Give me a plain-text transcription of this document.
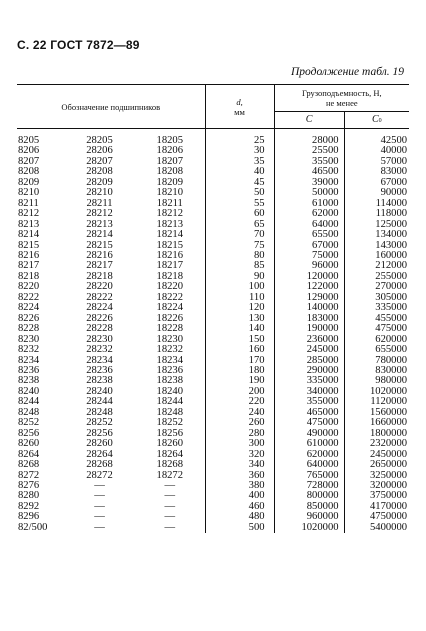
С. 22 ГОСТ 7872—89
Продолжение табл. 19
Обозначение подшипников			d,
мм	Грузоподъемность, Н,
не менее	
				C	C0
8205	28205	18205	25	28000	42500
8206	28206	18206	30	25500	40000
8207	28207	18207	35	35500	57000
8208	28208	18208	40	46500	83000
8209	28209	18209	45	39000	67000
8210	28210	18210	50	50000	90000
8211	28211	18211	55	61000	114000
8212	28212	18212	60	62000	118000
8213	28213	18213	65	64000	125000
8214	28214	18214	70	65500	134000
8215	28215	18215	75	67000	143000
8216	28216	18216	80	75000	160000
8217	28217	18217	85	96000	212000
8218	28218	18218	90	120000	255000
8220	28220	18220	100	122000	270000
8222	28222	18222	110	129000	305000
8224	28224	18224	120	140000	335000
8226	28226	18226	130	183000	455000
8228	28228	18228	140	190000	475000
8230	28230	18230	150	236000	620000
8232	28232	18232	160	245000	655000
8234	28234	18234	170	285000	780000
8236	28236	18236	180	290000	830000
8238	28238	18238	190	335000	980000
8240	28240	18240	200	340000	1020000
8244	28244	18244	220	355000	1120000
8248	28248	18248	240	465000	1560000
8252	28252	18252	260	475000	1660000
8256	28256	18256	280	490000	1800000
8260	28260	18260	300	610000	2320000
8264	28264	18264	320	620000	2450000
8268	28268	18268	340	640000	2650000
8272	28272	18272	360	765000	3250000
8276	—	—	380	728000	3200000
8280	—	—	400	800000	3750000
8292	—	—	460	850000	4170000
8296	—	—	480	960000	4750000
82/500	—	—	500	1020000	5400000
